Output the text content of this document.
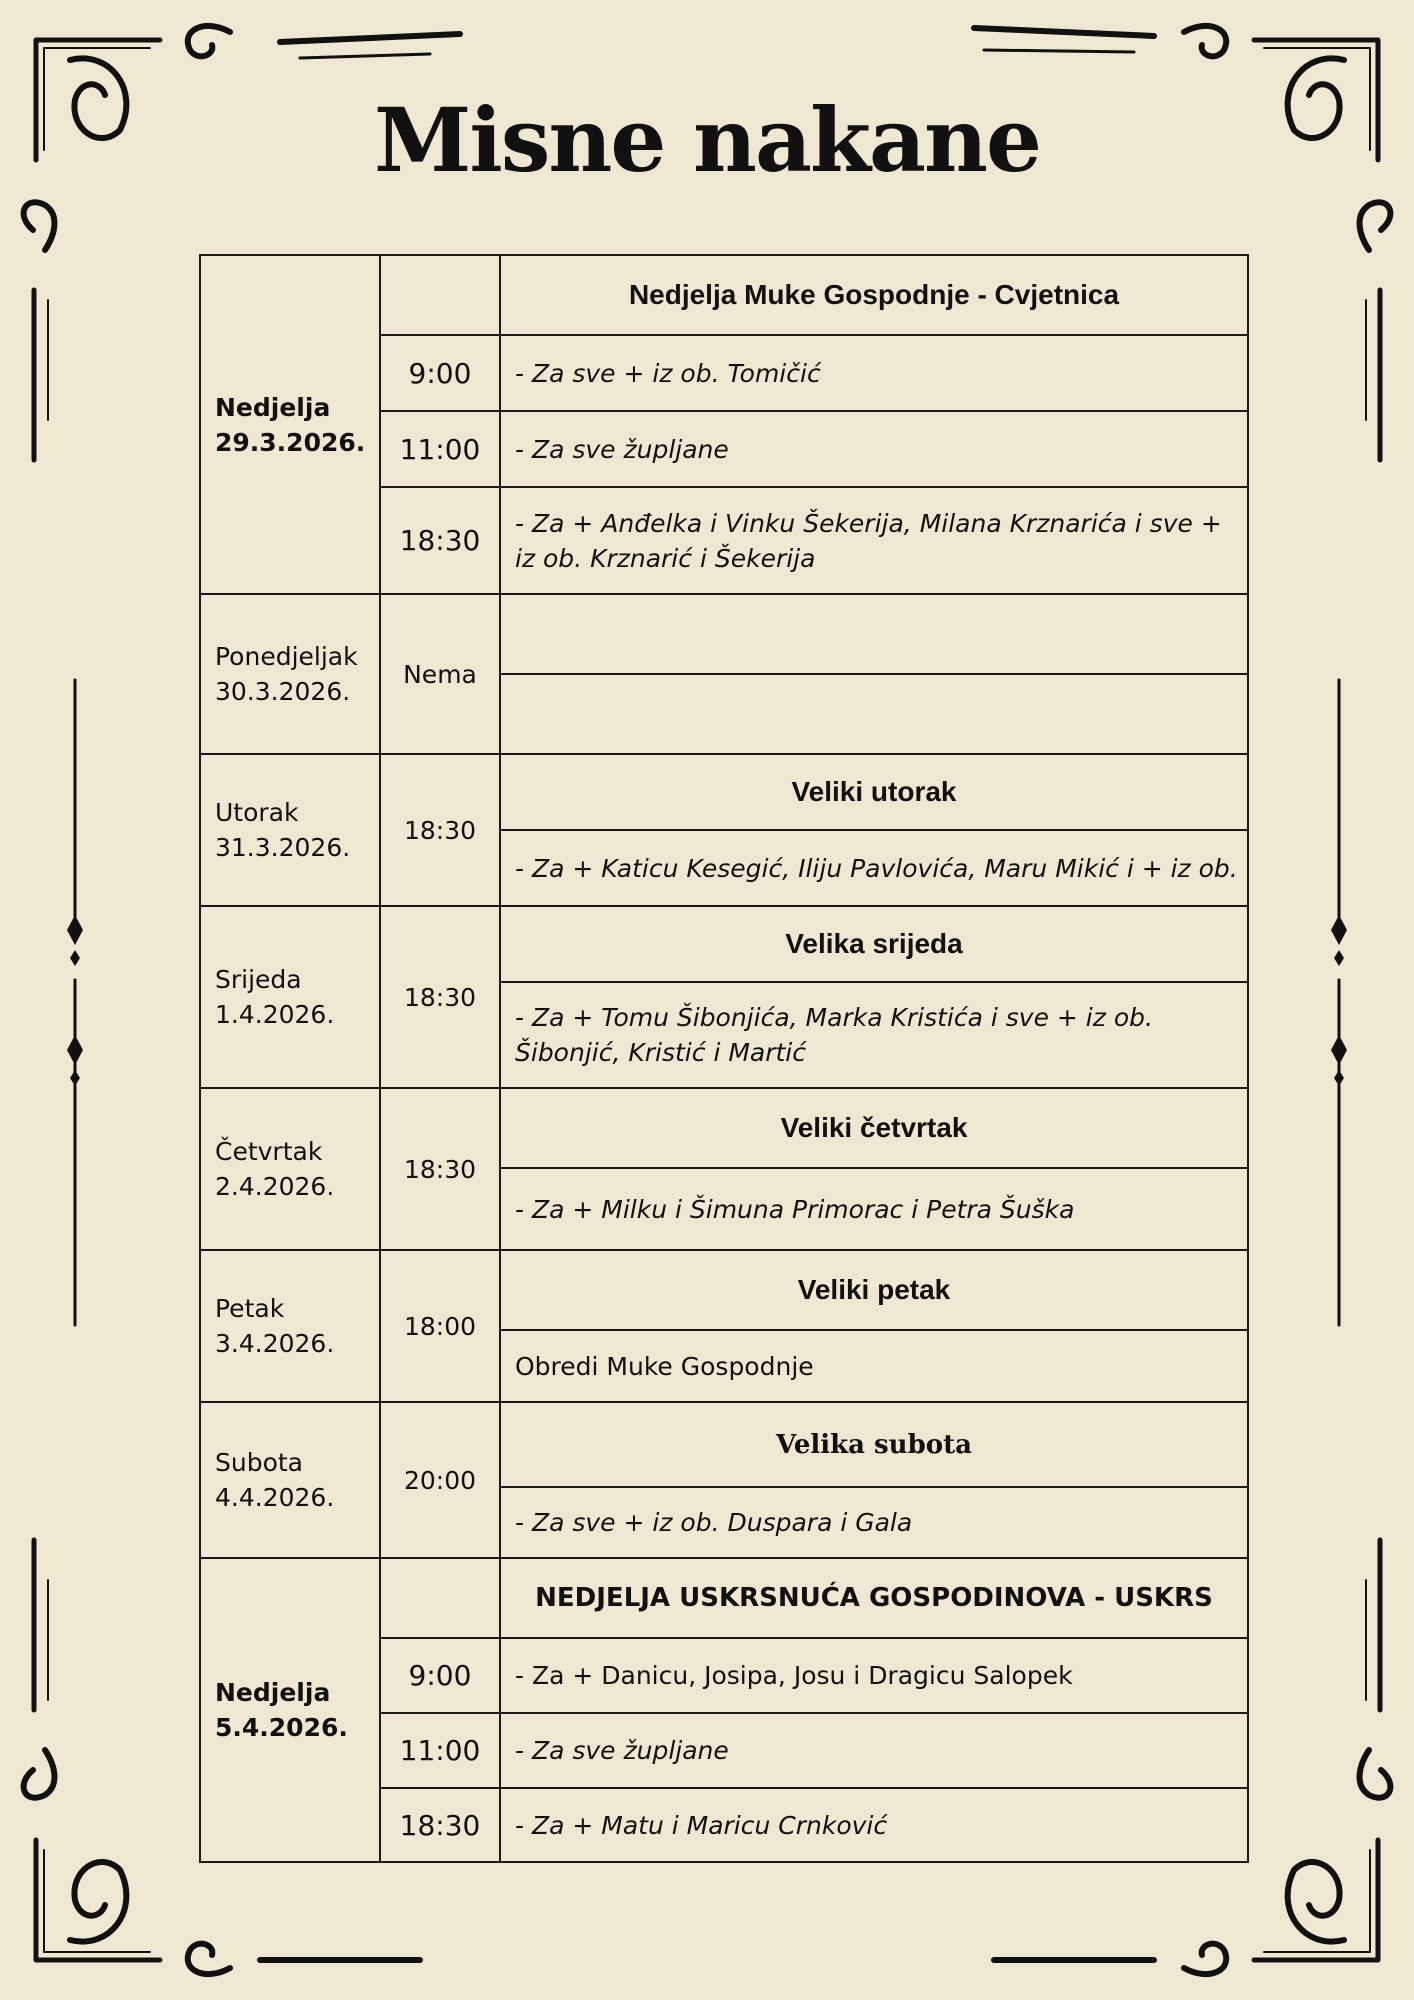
Misne nakane
Nedjelja
29.3.2026.		Nedjelja Muke Gospodnje - Cvjetnica
	9:00	- Za sve + iz ob. Tomičić
	11:00	- Za sve župljane
	18:30	- Za + Anđelka i Vinku Šekerija, Milana Krznarića i sve + iz ob. Krznarić i Šekerija
Ponedjeljak
30.3.2026.	Nema	

Utorak
31.3.2026.	18:30	Veliki utorak
		- Za + Katicu Kesegić, Iliju Pavlovića, Maru Mikić i + iz ob.
Srijeda
1.4.2026.	18:30	Velika srijeda
		- Za + Tomu Šibonjića, Marka Kristića i sve + iz ob. Šibonjić, Kristić i Martić
Četvrtak
2.4.2026.	18:30	Veliki četvrtak
		- Za + Milku i Šimuna Primorac i Petra Šuška
Petak
3.4.2026.	18:00	Veliki petak
		Obredi Muke Gospodnje
Subota
4.4.2026.	20:00	Velika subota
		- Za sve + iz ob. Duspara i Gala
Nedjelja
5.4.2026.		NEDJELJA USKRSNUĆA GOSPODINOVA - USKRS
	9:00	- Za + Danicu, Josipa, Josu i Dragicu Salopek
	11:00	- Za sve župljane
	18:30	- Za + Matu i Maricu Crnković
